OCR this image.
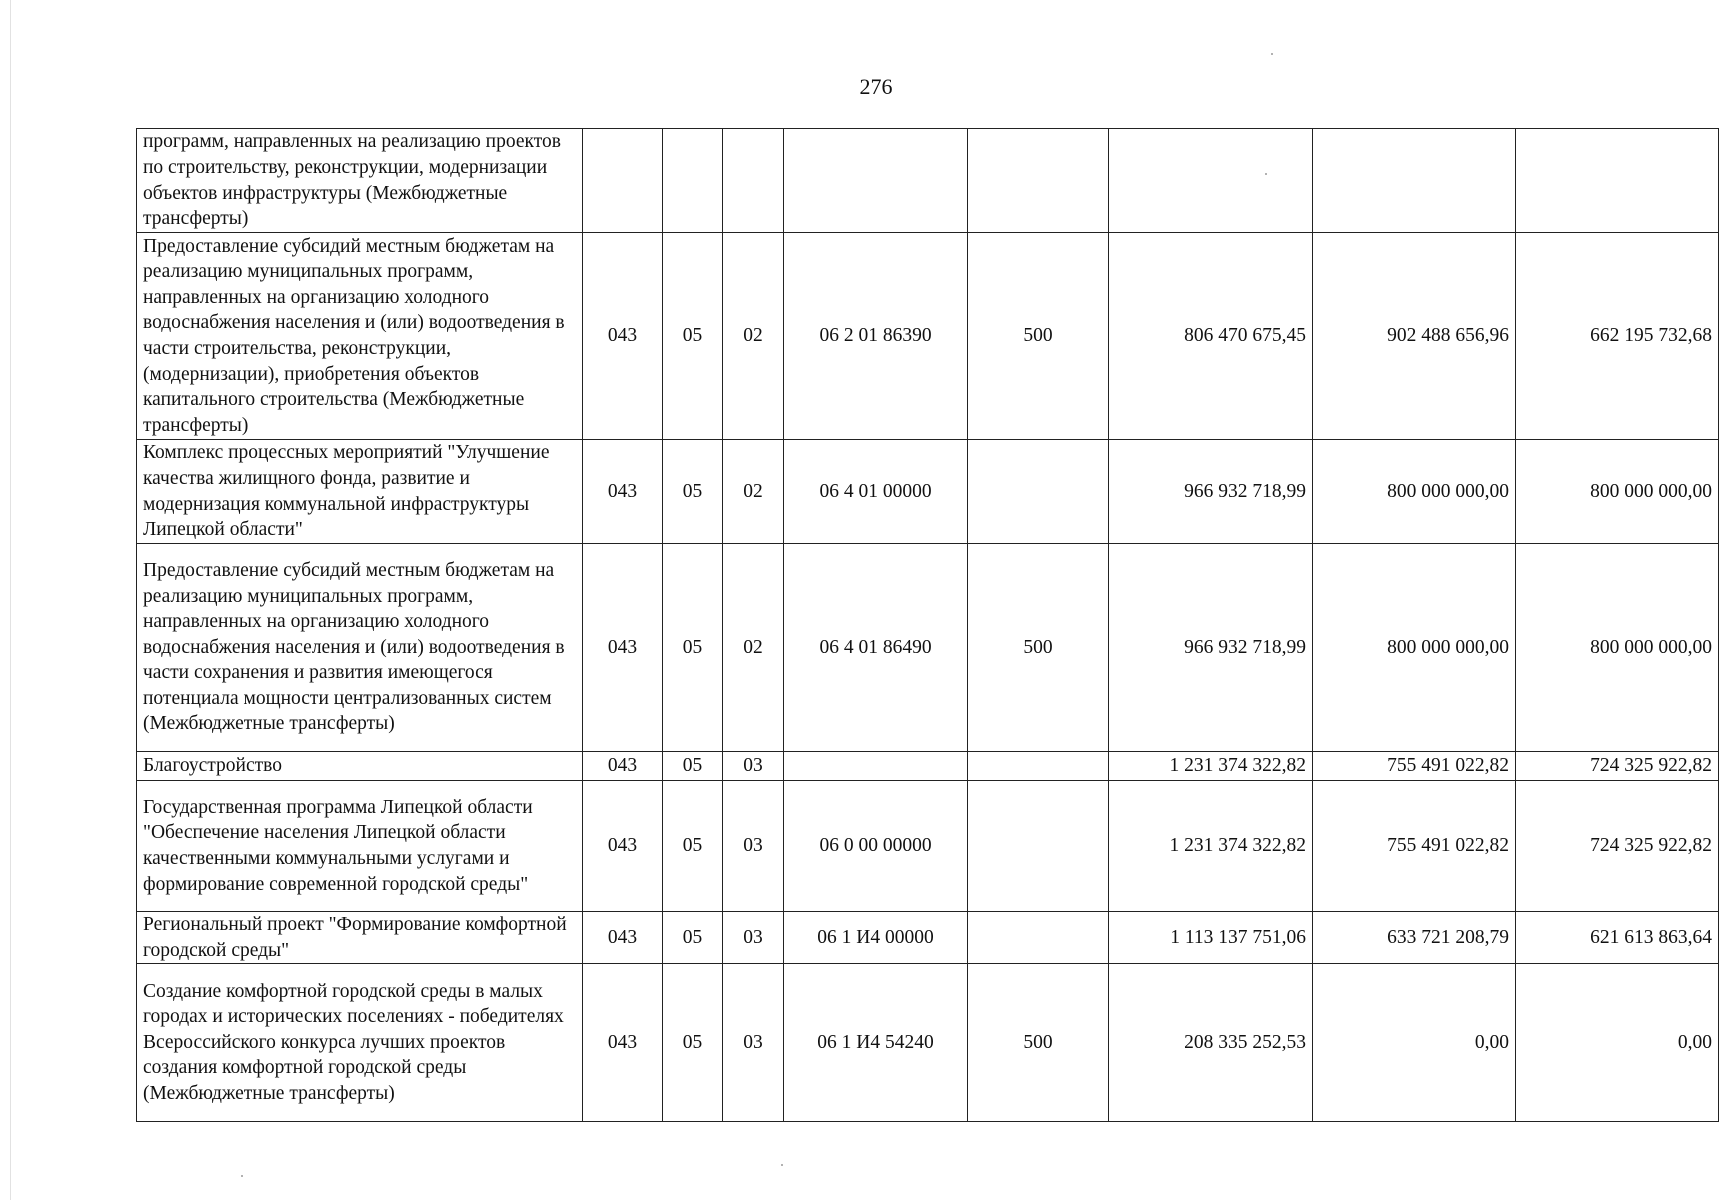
276
программ, направленных на реализацию проектов по строительству, реконструкции, модернизации объектов инфраструктуры (Межбюджетные трансферты)								
Предоставление субсидий местным бюджетам на реализацию муниципальных программ, направленных на организацию холодного водоснабжения населения и (или) водоотведения в части строительства, реконструкции, (модернизации), приобретения объектов капитального строительства (Межбюджетные трансферты)	043	05	02	06 2 01 86390	500	806 470 675,45	902 488 656,96	662 195 732,68
Комплекс процессных мероприятий "Улучшение качества жилищного фонда, развитие и модернизация коммунальной инфраструктуры Липецкой области"	043	05	02	06 4 01 00000		966 932 718,99	800 000 000,00	800 000 000,00
Предоставление субсидий местным бюджетам на реализацию муниципальных программ, направленных на организацию холодного водоснабжения населения и (или) водоотведения в части сохранения и развития имеющегося потенциала мощности централизованных систем (Межбюджетные трансферты)	043	05	02	06 4 01 86490	500	966 932 718,99	800 000 000,00	800 000 000,00
Благоустройство	043	05	03			1 231 374 322,82	755 491 022,82	724 325 922,82
Государственная программа Липецкой области "Обеспечение населения Липецкой области качественными коммунальными услугами и формирование современной городской среды"	043	05	03	06 0 00 00000		1 231 374 322,82	755 491 022,82	724 325 922,82
Региональный проект "Формирование комфортной городской среды"	043	05	03	06 1 И4 00000		1 113 137 751,06	633 721 208,79	621 613 863,64
Создание комфортной городской среды в малых городах и исторических поселениях - победителях Всероссийского конкурса лучших проектов создания комфортной городской среды (Межбюджетные трансферты)	043	05	03	06 1 И4 54240	500	208 335 252,53	0,00	0,00
